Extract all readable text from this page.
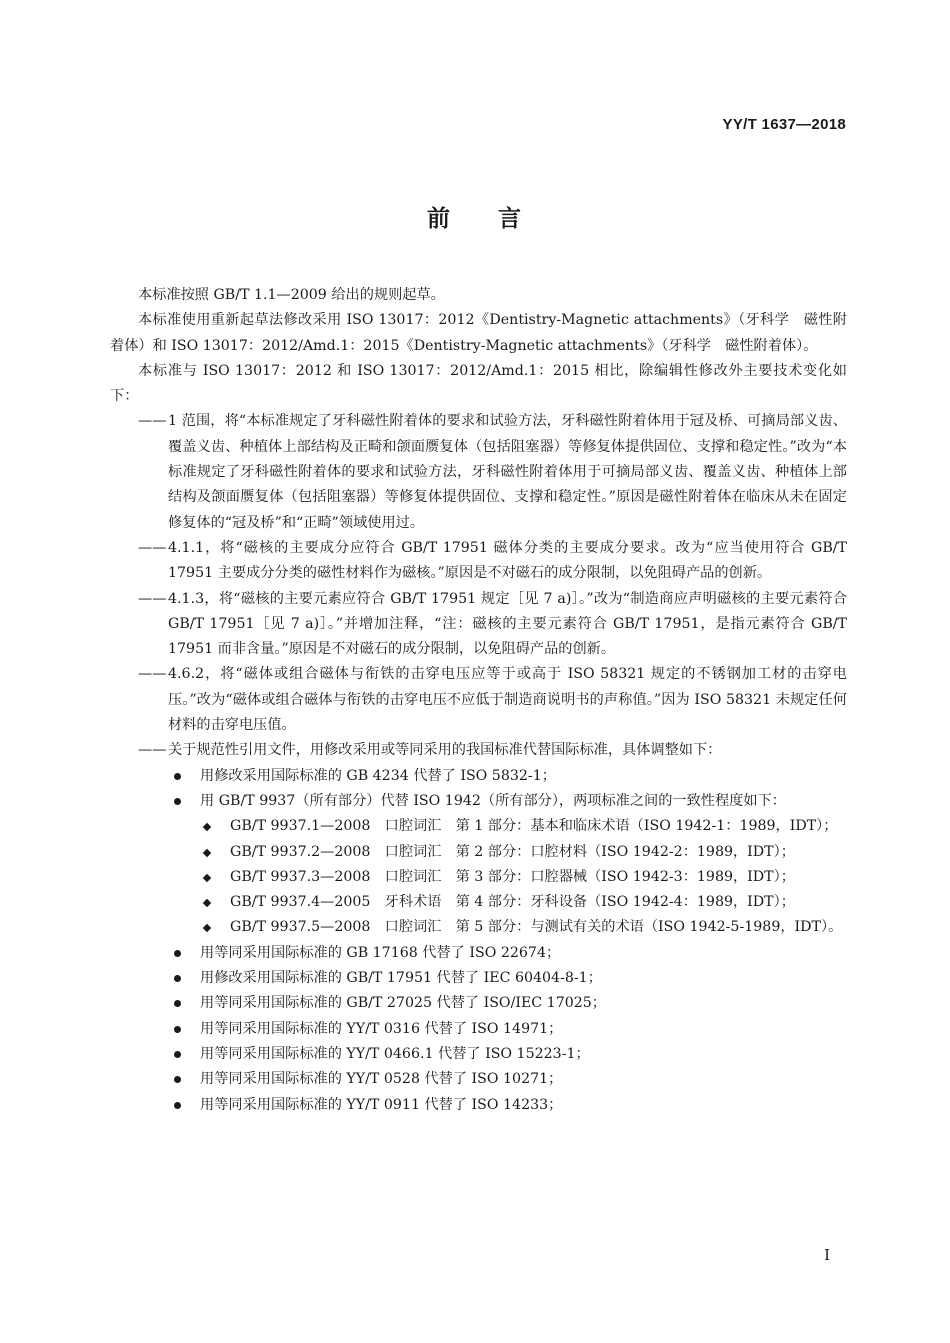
YY/T 1637—2018
前 言

本标准按照 GB/T 1.1—2009 给出的规则起草。

本标准使用重新起草法修改采用 ISO 13017：2012《Dentistry-Magnetic attachments》（牙科学　磁性附着体）和 ISO 13017：2012/Amd.1：2015《Dentistry-Magnetic attachments》（牙科学　磁性附着体）。

本标准与 ISO 13017：2012 和 ISO 13017：2012/Amd.1：2015 相比，除编辑性修改外主要技术变化如下：

—— 1 范围，将“本标准规定了牙科磁性附着体的要求和试验方法，牙科磁性附着体用于冠及桥、可摘局部义齿、覆盖义齿、种植体上部结构及正畸和颌面赝复体（包括阻塞器）等修复体提供固位、支撑和稳定性。”改为“本标准规定了牙科磁性附着体的要求和试验方法，牙科磁性附着体用于可摘局部义齿、覆盖义齿、种植体上部结构及颌面赝复体（包括阻塞器）等修复体提供固位、支撑和稳定性。”原因是磁性附着体在临床从未在固定修复体的“冠及桥”和“正畸”领域使用过。

—— 4.1.1，将“磁核的主要成分应符合 GB/T 17951 磁体分类的主要成分要求。改为“应当使用符合 GB/T 17951 主要成分分类的磁性材料作为磁核。”原因是不对磁石的成分限制，以免阻碍产品的创新。

—— 4.1.3，将“磁核的主要元素应符合 GB/T 17951 规定［见 7 a)］。”改为“制造商应声明磁核的主要元素符合 GB/T 17951［见 7 a)］。”并增加注释，“注：磁核的主要元素符合 GB/T 17951，是指元素符合 GB/T 17951 而非含量。”原因是不对磁石的成分限制，以免阻碍产品的创新。

—— 4.6.2，将“磁体或组合磁体与衔铁的击穿电压应等于或高于 ISO 58321 规定的不锈钢加工材的击穿电压。”改为“磁体或组合磁体与衔铁的击穿电压不应低于制造商说明书的声称值。”因为 ISO 58321 未规定任何材料的击穿电压值。

—— 关于规范性引用文件，用修改采用或等同采用的我国标准代替国际标准，具体调整如下：

用修改采用国际标准的 GB 4234 代替了 ISO 5832-1；

用 GB/T 9937（所有部分）代替 ISO 1942（所有部分），两项标准之间的一致性程度如下：

GB/T 9937.1—2008　口腔词汇　第 1 部分：基本和临床术语（ISO 1942-1：1989，IDT）；

GB/T 9937.2—2008　口腔词汇　第 2 部分：口腔材料（ISO 1942-2：1989，IDT）；

GB/T 9937.3—2008　口腔词汇　第 3 部分：口腔器械（ISO 1942-3：1989，IDT）；

GB/T 9937.4—2005　牙科术语　第 4 部分：牙科设备（ISO 1942-4：1989，IDT）；

GB/T 9937.5—2008　口腔词汇　第 5 部分：与测试有关的术语（ISO 1942-5-1989，IDT）。

用等同采用国际标准的 GB 17168 代替了 ISO 22674；

用修改采用国际标准的 GB/T 17951 代替了 IEC 60404-8-1；

用等同采用国际标准的 GB/T 27025 代替了 ISO/IEC 17025；

用等同采用国际标准的 YY/T 0316 代替了 ISO 14971；

用等同采用国际标准的 YY/T 0466.1 代替了 ISO 15223-1；

用等同采用国际标准的 YY/T 0528 代替了 ISO 10271；

用等同采用国际标准的 YY/T 0911 代替了 ISO 14233；

I
